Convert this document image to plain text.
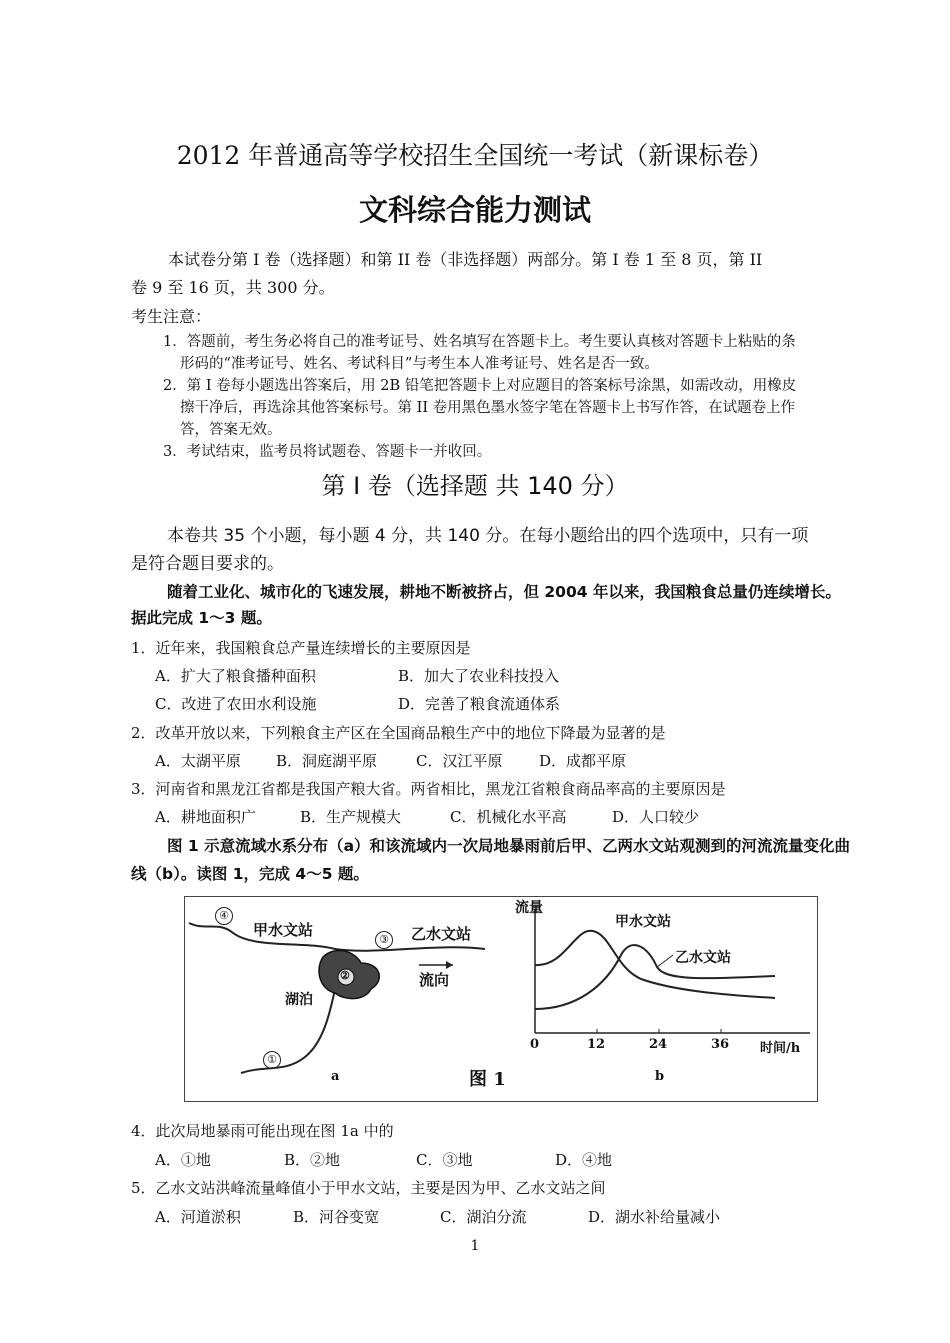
2012 年普通高等学校招生全国统一考试（新课标卷）
文科综合能力测试
本试卷分第 I 卷（选择题）和第 II 卷（非选择题）两部分。第 I 卷 1 至 8 页，第 II
卷 9 至 16 页，共 300 分。
考生注意：
1．答题前，考生务必将自己的准考证号、姓名填写在答题卡上。考生要认真核对答题卡上粘贴的条
形码的“准考证号、姓名、考试科目”与考生本人准考证号、姓名是否一致。
2．第 I 卷每小题选出答案后，用 2B 铅笔把答题卡上对应题目的答案标号涂黑，如需改动，用橡皮
擦干净后，再选涂其他答案标号。第 II 卷用黑色墨水签字笔在答题卡上书写作答，在试题卷上作
答，答案无效。
3．考试结束，监考员将试题卷、答题卡一并收回。
第 I 卷（选择题 共 140 分）
本卷共 35 个小题，每小题 4 分，共 140 分。在每小题给出的四个选项中，只有一项
是符合题目要求的。
随着工业化、城市化的飞速发展，耕地不断被挤占，但 2004 年以来，我国粮食总量仍连续增长。
据此完成 1～3 题。
1．近年来，我国粮食总产量连续增长的主要原因是
A．扩大了粮食播种面积	B．加大了农业科技投入
C．改进了农田水利设施	D．完善了粮食流通体系
2．改革开放以来，下列粮食主产区在全国商品粮生产中的地位下降最为显著的是
A．太湖平原 B．洞庭湖平原	C．汉江平原 D．成都平原
3．河南省和黑龙江省都是我国产粮大省。两省相比，黑龙江省粮食商品率高的主要原因是
A．耕地面积广	B．生产规模大	C．机械化水平高	D．人口较少
图 1 示意流域水系分布（a）和该流域内一次局地暴雨前后甲、乙两水文站观测到的河流流量变化曲
线（b）。读图 1，完成 4～5 题。
④
甲水文站
③ 乙水文站
②	流向
湖泊
①
a
流量
甲水文站
乙水文站
0	12	24	36 时间/h
b
图 1
4．此次局地暴雨可能出现在图 1a 中的
A．①地	B．②地	C．③地	D．④地
5．乙水文站洪峰流量峰值小于甲水文站，主要是因为甲、乙水文站之间
A．河道淤积	B．河谷变宽	C．湖泊分流	D．湖水补给量减小
1
